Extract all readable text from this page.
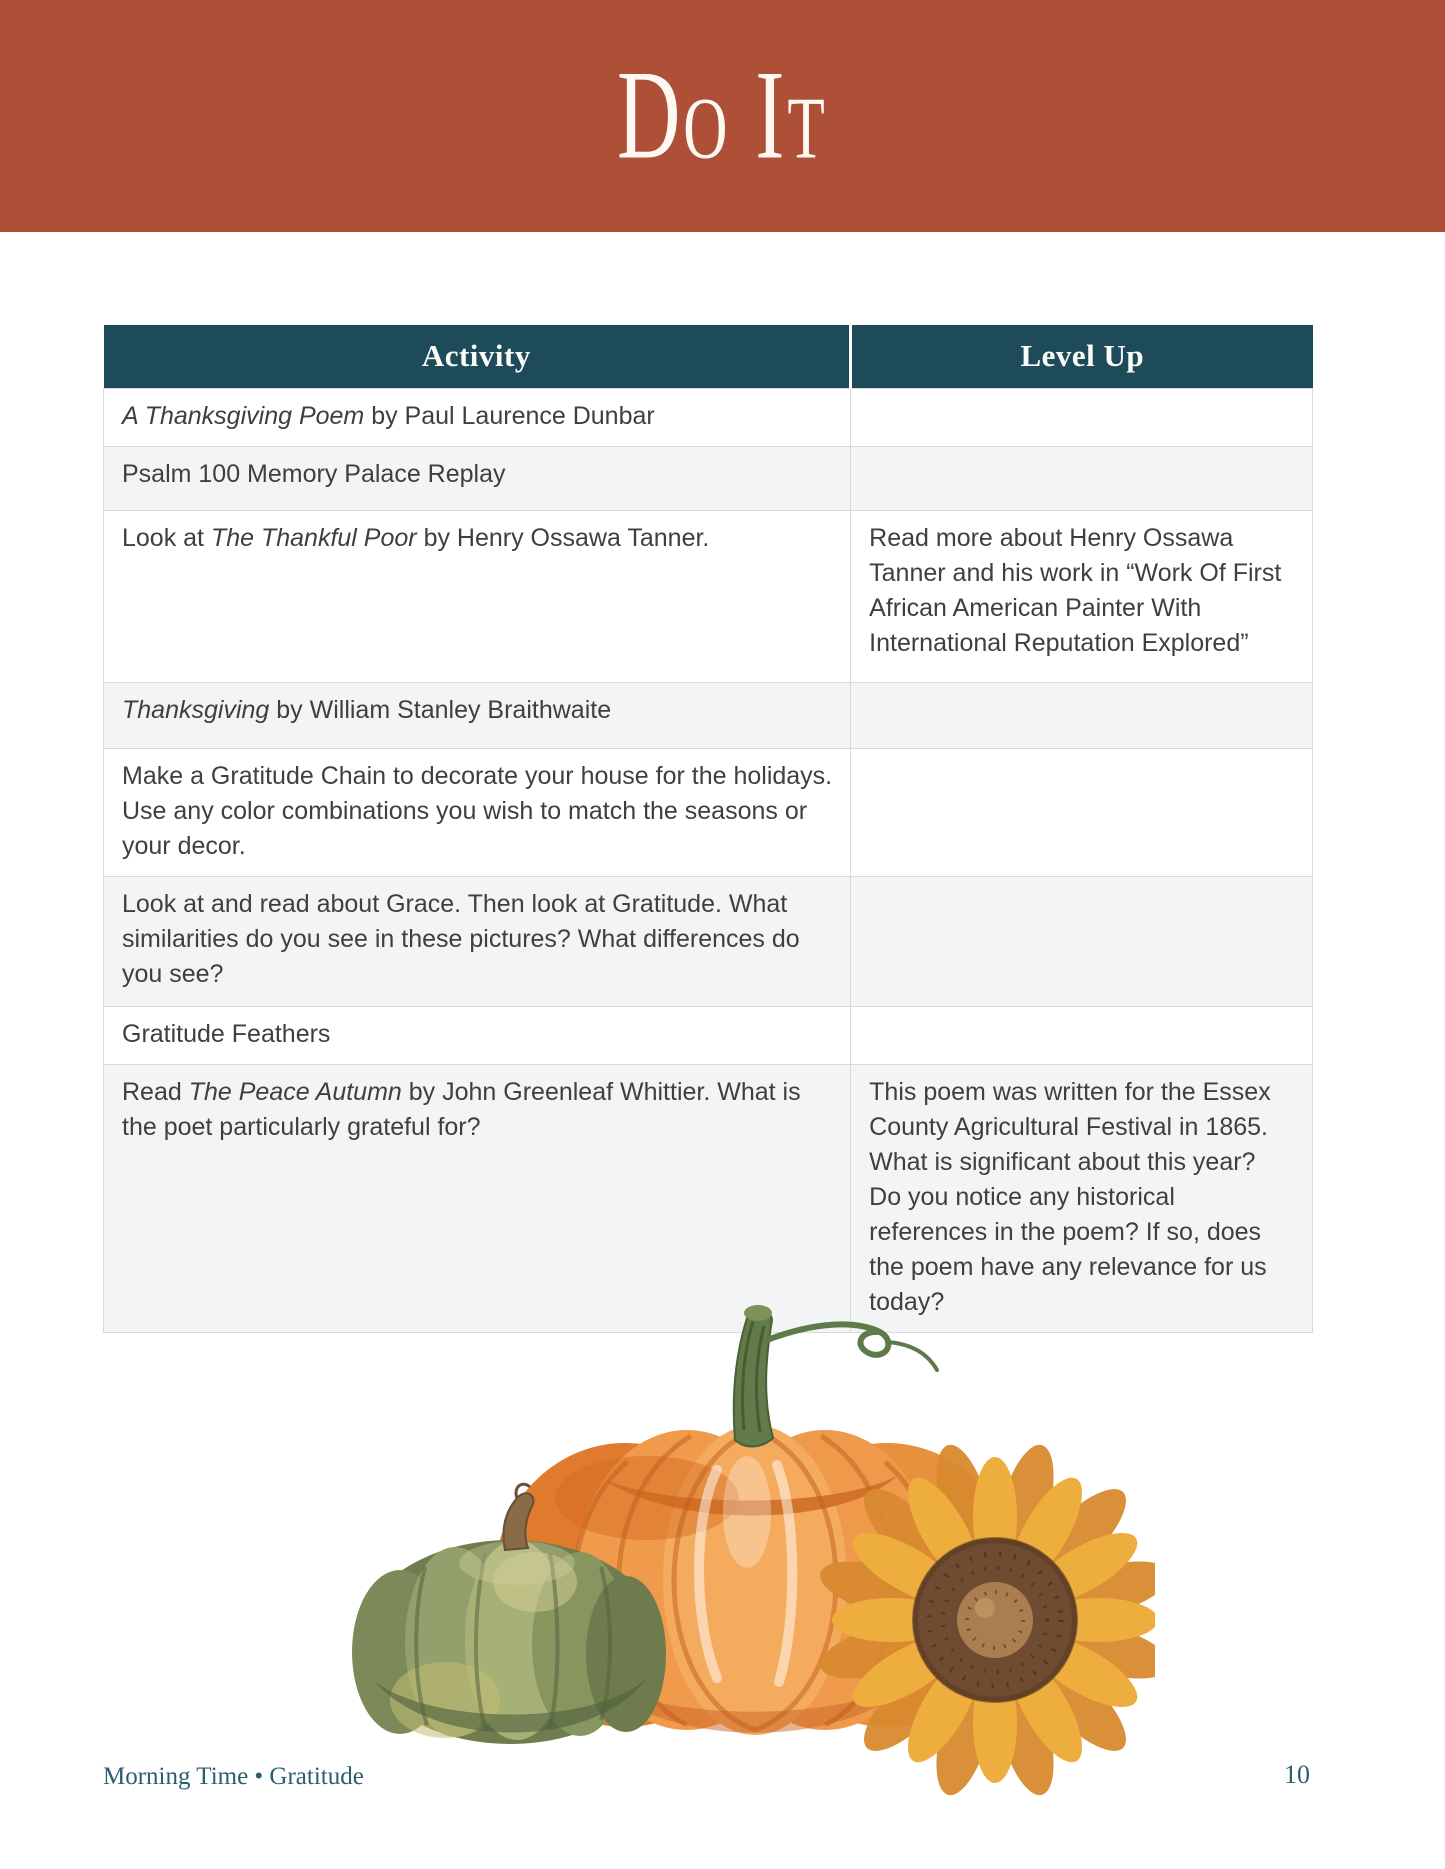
Do It
Activity	Level Up
A Thanksgiving Poem by Paul Laurence Dunbar	
Psalm 100 Memory Palace Replay	
Look at The Thankful Poor by Henry Ossawa Tanner.	Read more about Henry Ossawa Tanner and his work in “Work Of First African American Painter With International Reputation Explored”
Thanksgiving by William Stanley Braithwaite	
Make a Gratitude Chain to decorate your house for the holidays. Use any color combinations you wish to match the seasons or your decor.	
Look at and read about Grace. Then look at Gratitude. What similarities do you see in these pictures? What differences do you see?	
Gratitude Feathers	
Read The Peace Autumn by John Greenleaf Whittier. What is the poet particularly grateful for?	This poem was written for the Essex County Agricultural Festival in 1865. What is significant about this year? Do you notice any historical references in the poem? If so, does the poem have any relevance for us today?
Morning Time • Gratitude	10
